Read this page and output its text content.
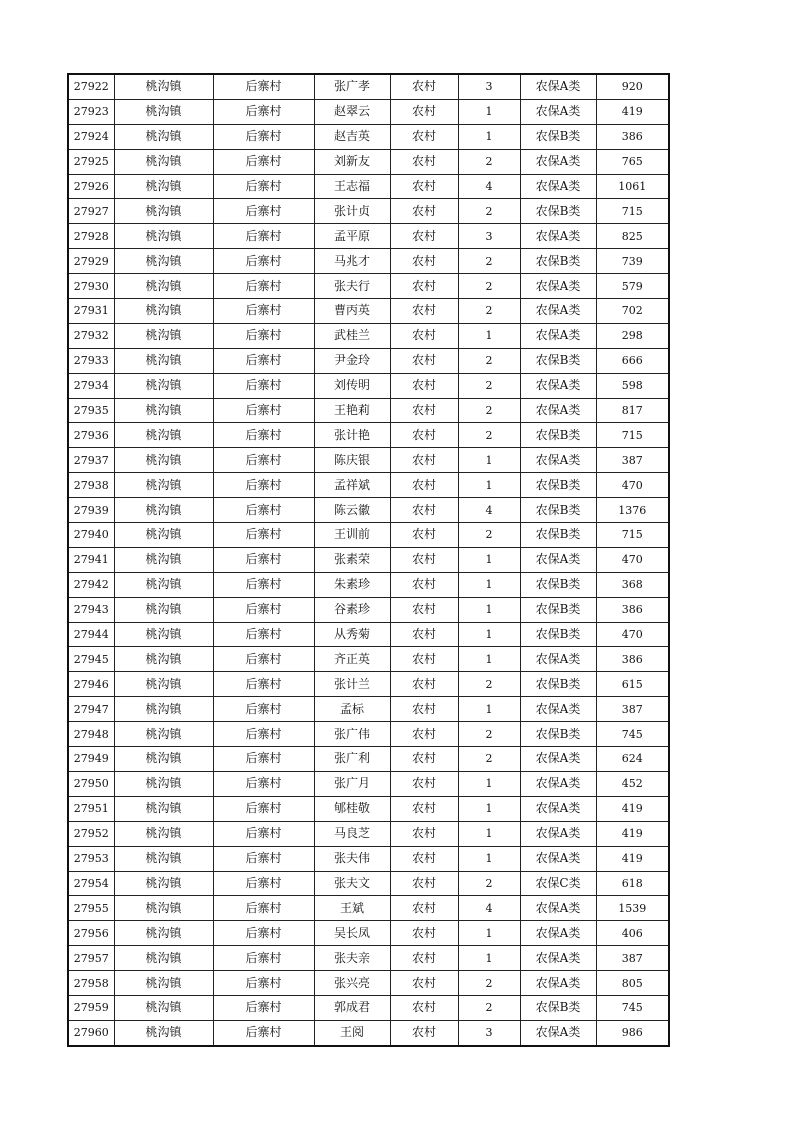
27922	桃沟镇	后寨村	张广孝	农村	3	农保A类	920
27923	桃沟镇	后寨村	赵翠云	农村	1	农保A类	419
27924	桃沟镇	后寨村	赵吉英	农村	1	农保B类	386
27925	桃沟镇	后寨村	刘新友	农村	2	农保A类	765
27926	桃沟镇	后寨村	王志福	农村	4	农保A类	1061
27927	桃沟镇	后寨村	张计贞	农村	2	农保B类	715
27928	桃沟镇	后寨村	孟平原	农村	3	农保A类	825
27929	桃沟镇	后寨村	马兆才	农村	2	农保B类	739
27930	桃沟镇	后寨村	张夫行	农村	2	农保A类	579
27931	桃沟镇	后寨村	曹丙英	农村	2	农保A类	702
27932	桃沟镇	后寨村	武桂兰	农村	1	农保A类	298
27933	桃沟镇	后寨村	尹金玲	农村	2	农保B类	666
27934	桃沟镇	后寨村	刘传明	农村	2	农保A类	598
27935	桃沟镇	后寨村	王艳莉	农村	2	农保A类	817
27936	桃沟镇	后寨村	张计艳	农村	2	农保B类	715
27937	桃沟镇	后寨村	陈庆银	农村	1	农保A类	387
27938	桃沟镇	后寨村	孟祥斌	农村	1	农保B类	470
27939	桃沟镇	后寨村	陈云徽	农村	4	农保B类	1376
27940	桃沟镇	后寨村	王训前	农村	2	农保B类	715
27941	桃沟镇	后寨村	张素荣	农村	1	农保A类	470
27942	桃沟镇	后寨村	朱素珍	农村	1	农保B类	368
27943	桃沟镇	后寨村	谷素珍	农村	1	农保B类	386
27944	桃沟镇	后寨村	从秀菊	农村	1	农保B类	470
27945	桃沟镇	后寨村	齐正英	农村	1	农保A类	386
27946	桃沟镇	后寨村	张计兰	农村	2	农保B类	615
27947	桃沟镇	后寨村	孟标	农村	1	农保A类	387
27948	桃沟镇	后寨村	张广伟	农村	2	农保B类	745
27949	桃沟镇	后寨村	张广利	农村	2	农保A类	624
27950	桃沟镇	后寨村	张广月	农村	1	农保A类	452
27951	桃沟镇	后寨村	郇桂敬	农村	1	农保A类	419
27952	桃沟镇	后寨村	马良芝	农村	1	农保A类	419
27953	桃沟镇	后寨村	张夫伟	农村	1	农保A类	419
27954	桃沟镇	后寨村	张夫文	农村	2	农保C类	618
27955	桃沟镇	后寨村	王斌	农村	4	农保A类	1539
27956	桃沟镇	后寨村	吴长凤	农村	1	农保A类	406
27957	桃沟镇	后寨村	张夫亲	农村	1	农保A类	387
27958	桃沟镇	后寨村	张兴亮	农村	2	农保A类	805
27959	桃沟镇	后寨村	郭成君	农村	2	农保B类	745
27960	桃沟镇	后寨村	王阅	农村	3	农保A类	986
